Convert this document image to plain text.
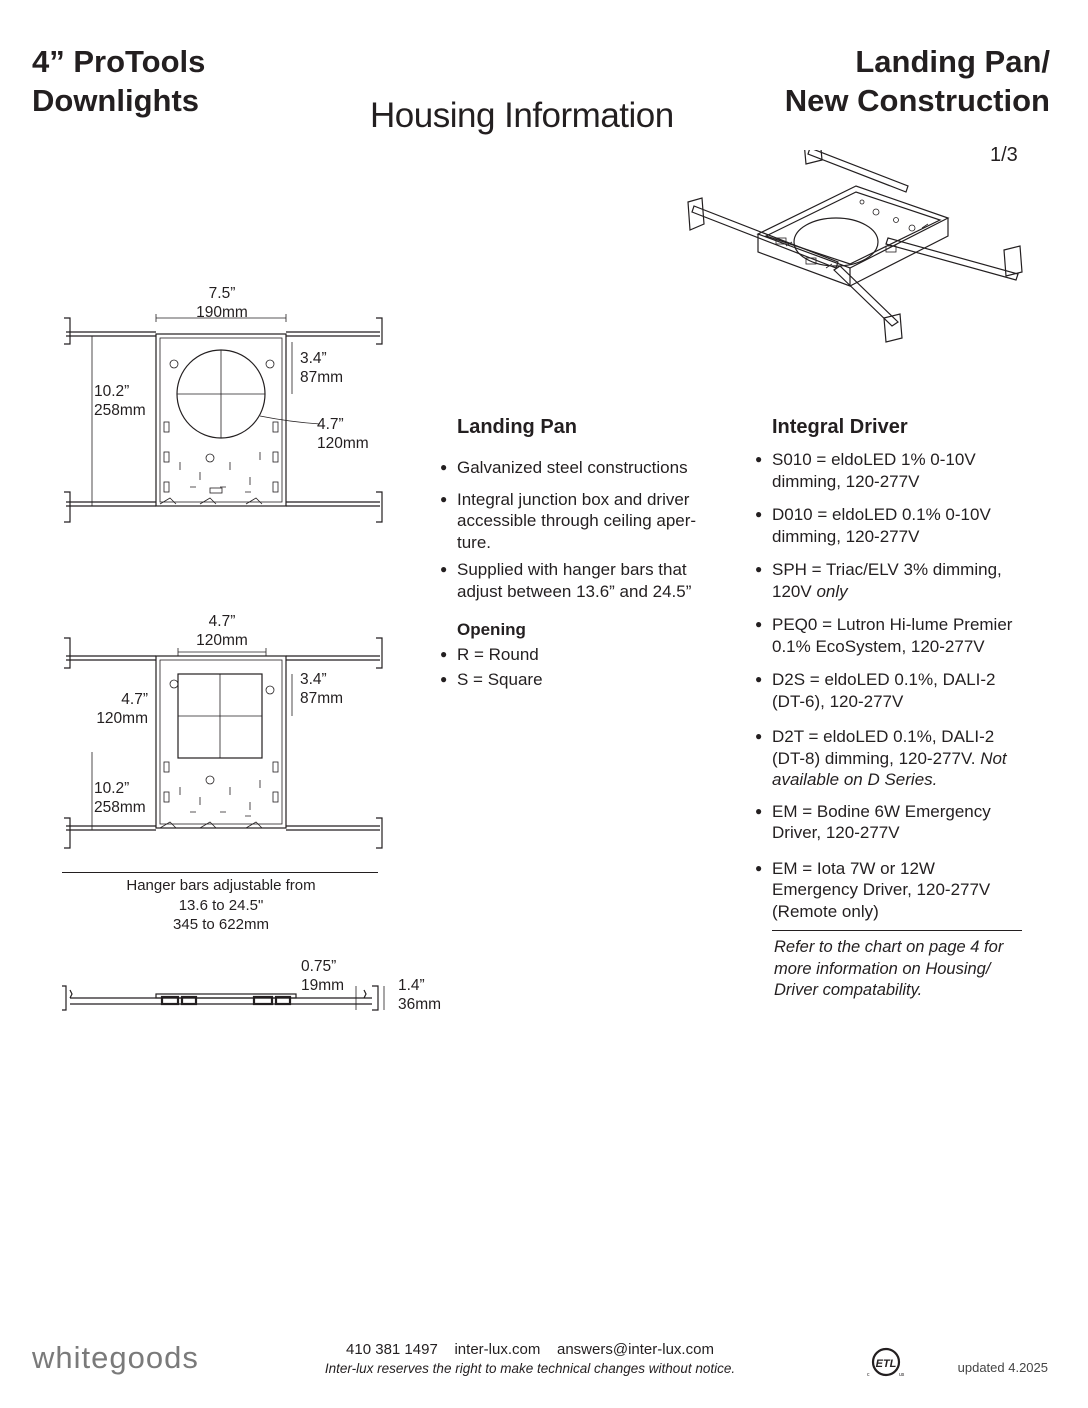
4” ProTools
Downlights	Housing Information
Landing Pan/
New Construction
1/3
7.5”
190mm
10.2”
258mm
3.4”
87mm
4.7”
120mm
4.7”
120mm
3.4”
87mm
4.7”
120mm
10.2”
258mm
Hanger bars adjustable from
13.6 to 24.5"
345 to 622mm
0.75”
19mm	1.4”
36mm
Landing Pan
● Galvanized steel constructions
● Integral junction box and driver accessible through ceiling aper-ture.
● Supplied with hanger bars that adjust between 13.6” and 24.5”
Opening
● R = Round
● S = Square
Integral Driver
● S010 = eldoLED 1% 0-10V dimming, 120-277V
● D010 = eldoLED 0.1% 0-10V dimming, 120-277V
● SPH = Triac/ELV 3% dimming, 120V only
● PEQ0 = Lutron Hi-lume Premier 0.1% EcoSystem, 120-277V
● D2S = eldoLED 0.1%, DALI-2 (DT-6), 120-277V
● D2T = eldoLED 0.1%, DALI-2 (DT-8) dimming, 120-277V. Not available on D Series.
● EM = Bodine 6W Emergency Driver, 120-277V
● EM = Iota 7W or 12W Emergency Driver, 120-277V (Remote only)
Refer to the chart on page 4 for more information on Housing/ Driver compatability.
whitegoods	410 381 1497    inter-lux.com    answers@inter-lux.com
Inter-lux reserves the right to make technical changes without notice.	ETL
c	us	updated 4.2025
